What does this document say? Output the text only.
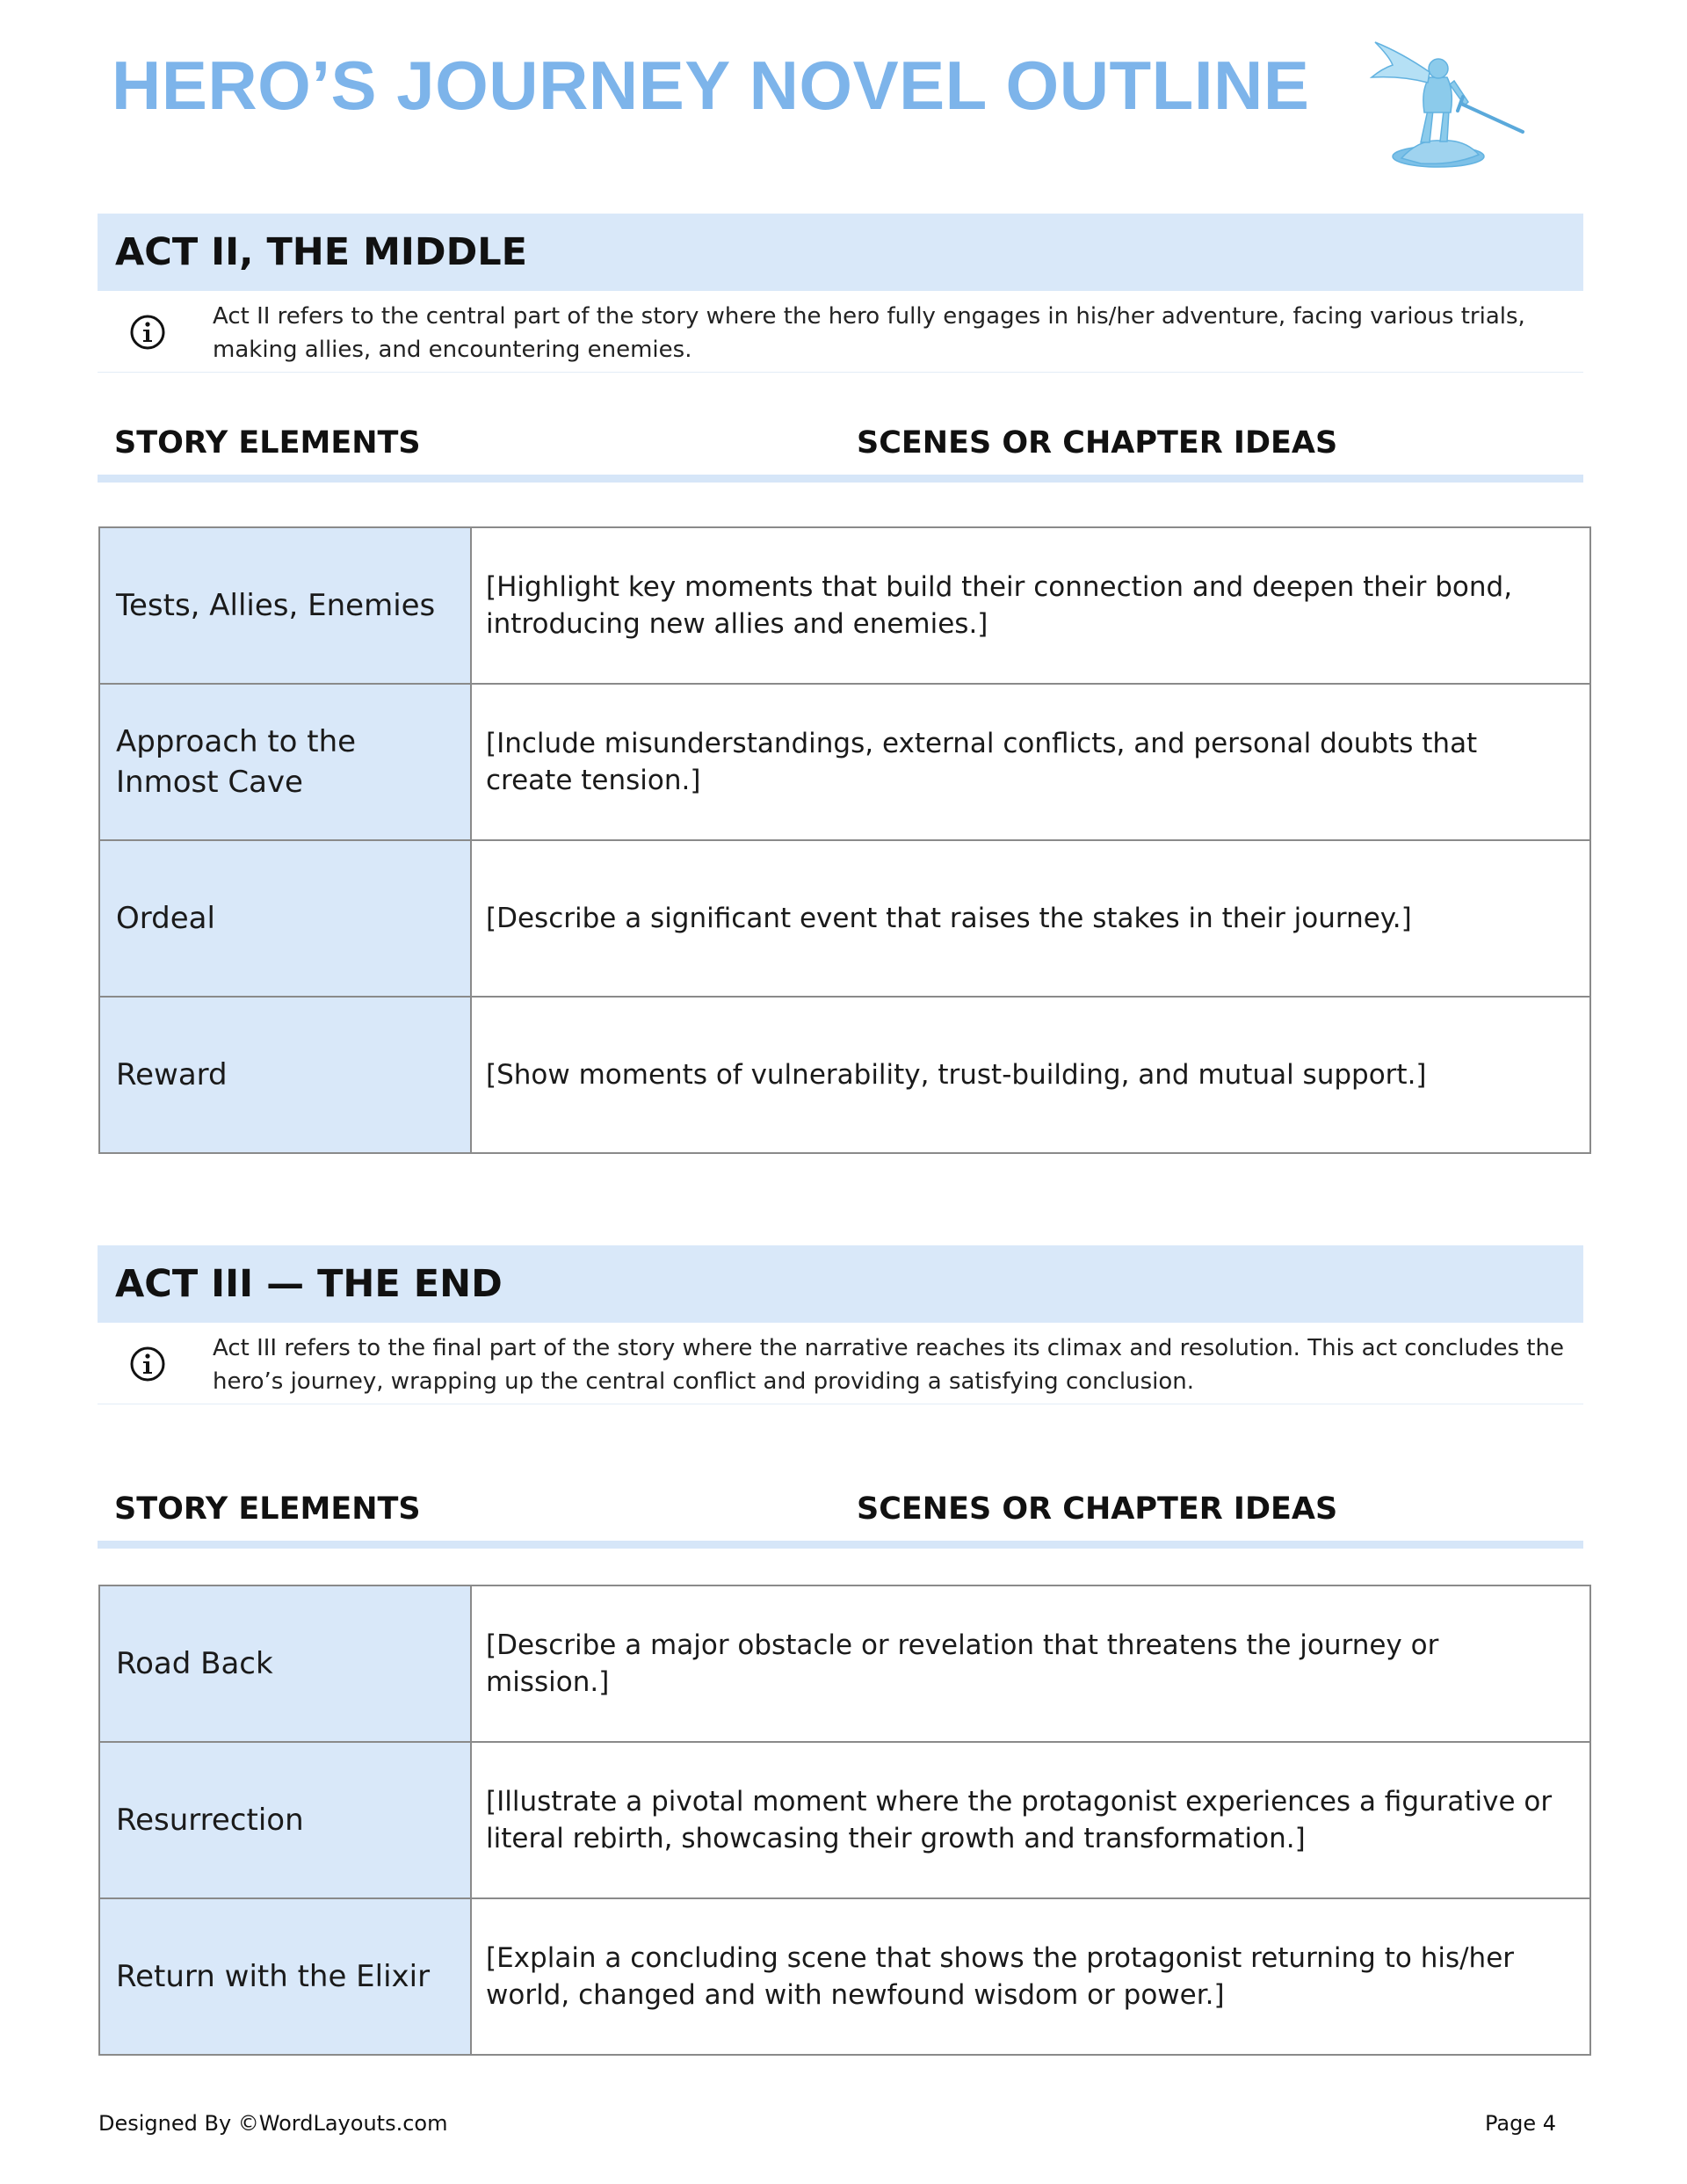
HERO’S JOURNEY NOVEL OUTLINE
ACT II, THE MIDDLE
Act II refers to the central part of the story where the hero fully engages in his/her adventure, facing various trials, making allies, and encountering enemies.
STORY ELEMENTS	SCENES OR CHAPTER IDEAS
Tests, Allies, Enemies	[Highlight key moments that build their connection and deepen their bond, introducing new allies and enemies.]
Approach to the Inmost Cave	[Include misunderstandings, external conflicts, and personal doubts that create tension.]
Ordeal	[Describe a significant event that raises the stakes in their journey.]
Reward	[Show moments of vulnerability, trust-building, and mutual support.]
ACT III — THE END
Act III refers to the final part of the story where the narrative reaches its climax and resolution. This act concludes the hero’s journey, wrapping up the central conflict and providing a satisfying conclusion.
STORY ELEMENTS	SCENES OR CHAPTER IDEAS
Road Back	[Describe a major obstacle or revelation that threatens the journey or mission.]
Resurrection	[Illustrate a pivotal moment where the protagonist experiences a figurative or literal rebirth, showcasing their growth and transformation.]
Return with the Elixir	[Explain a concluding scene that shows the protagonist returning to his/her world, changed and with newfound wisdom or power.]
Designed By ©WordLayouts.com	Page 4
